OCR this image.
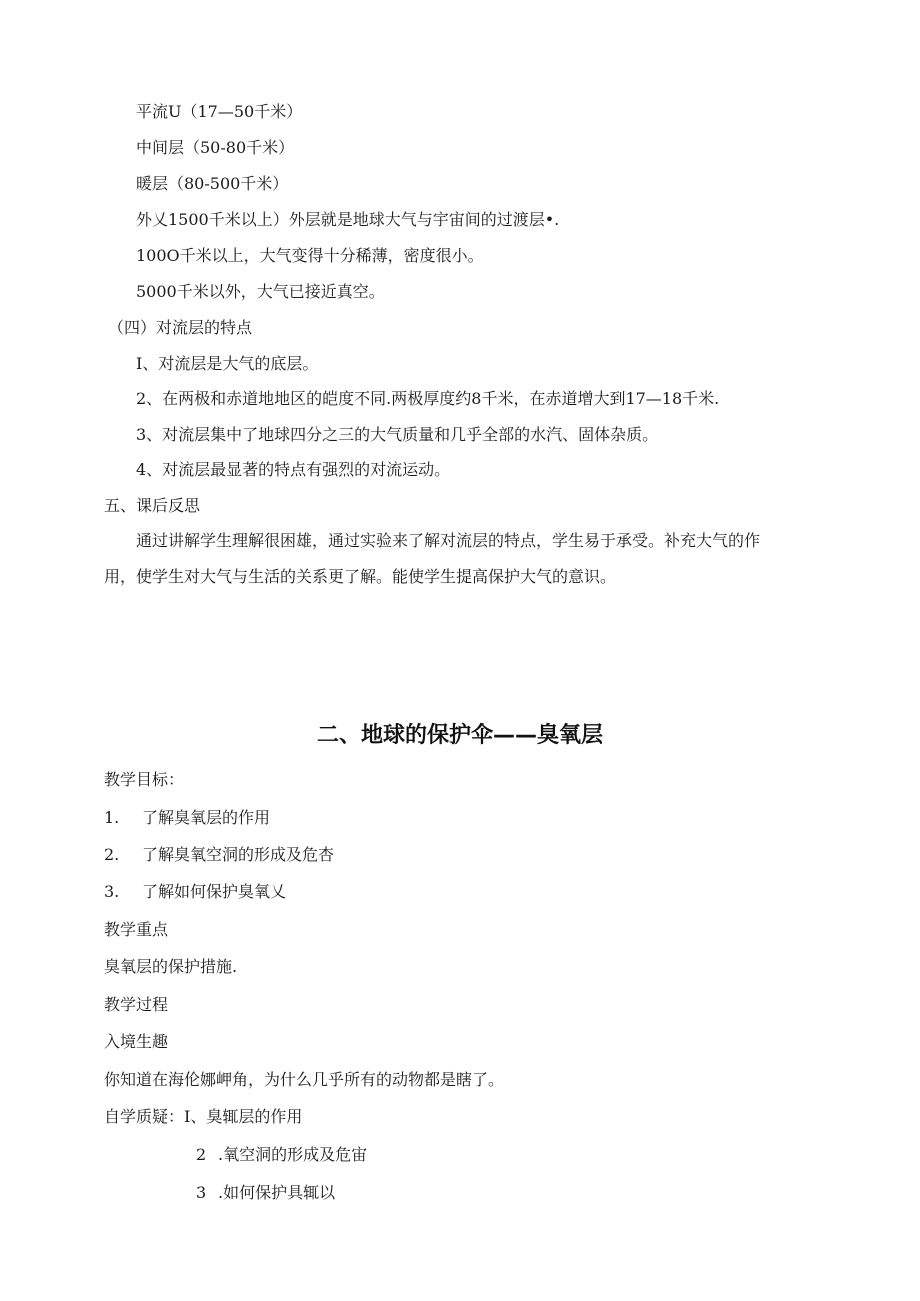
平流U（17—50千米）
中间层（50-80千米）
暖层（80-500千米）
外乂1500千米以上）外层就是地球大气与宇宙间的过渡层•.
100O千米以上，大气变得十分稀薄，密度很小。
5000千米以外，大气已接近真空。
（四）对流层的特点
I、对流层是大气的底层。
2、在两极和赤道地地区的皑度不同.两极厚度约8千米，在赤道增大到17—18千米.
3、对流层集中了地球四分之三的大气质量和几乎全部的水汽、固体杂质。
4、对流层最显著的特点有强烈的对流运动。
五、课后反思
通过讲解学生理解很困雄，通过实验来了解对流层的特点，学生易于承受。补充大气的作
用，使学生对大气与生活的关系更了解。能使学生提高保护大气的意识。
二、地球的保护伞——臭氧层
教学目标：
1. 了解臭氧层的作用
2. 了解臭氧空洞的形成及危杏
3. 了解如何保护臭氧乂
教学重点
臭氧层的保护措施.
教学过程
入境生趣
你知道在海伦娜岬角，为什么几乎所有的动物都是瞎了。
自学质疑：I、臭辄层的作用
2 .氧空洞的形成及危宙
3 .如何保护具辄以
